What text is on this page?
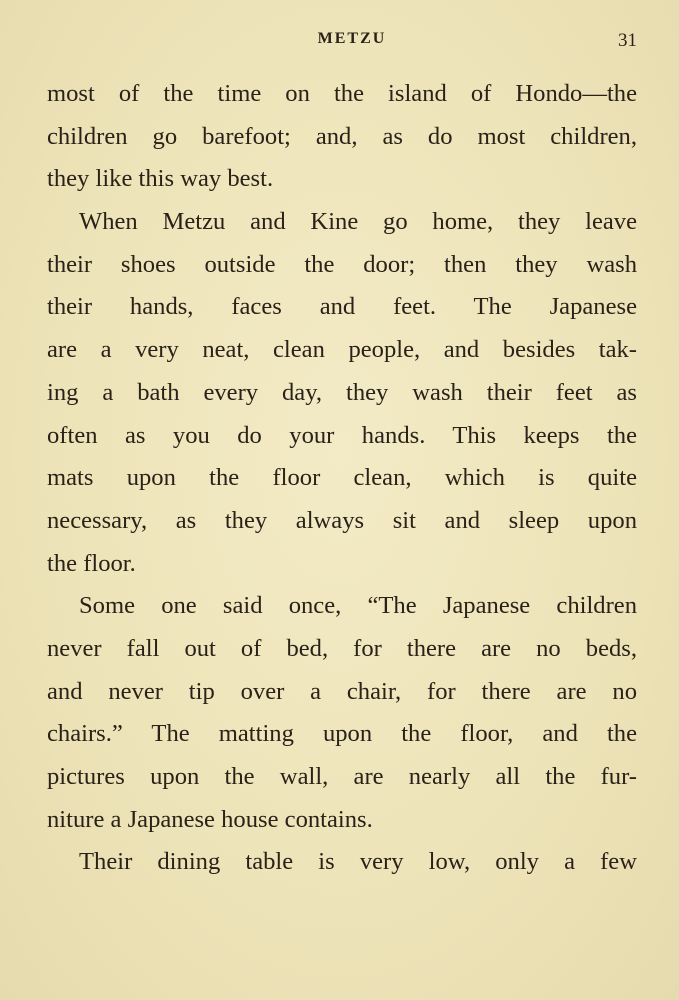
METZU	31

most of the time on the island of Hondo—the
children go barefoot; and, as do most children,
they like this way best.

When Metzu and Kine go home, they leave
their shoes outside the door; then they wash
their hands, faces and feet. The Japanese
are a very neat, clean people, and besides tak-
ing a bath every day, they wash their feet as
often as you do your hands. This keeps the
mats upon the floor clean, which is quite
necessary, as they always sit and sleep upon
the floor.

Some one said once, “The Japanese children
never fall out of bed, for there are no beds,
and never tip over a chair, for there are no
chairs.” The matting upon the floor, and the
pictures upon the wall, are nearly all the fur-
niture a Japanese house contains.

Their dining table is very low, only a few
